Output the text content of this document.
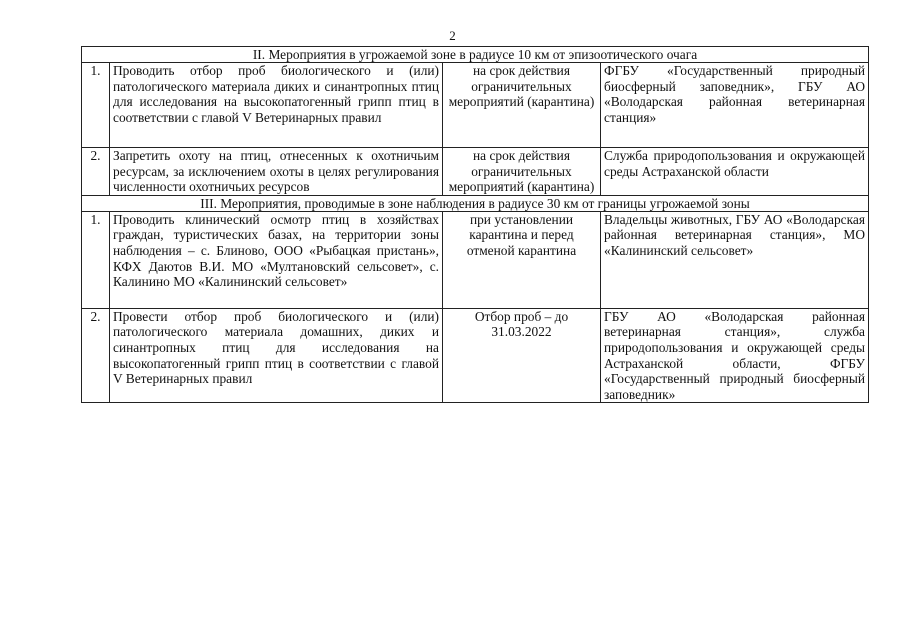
2
II. Мероприятия в угрожаемой зоне в радиусе 10 км от эпизоотического очага			
1.	Проводить отбор проб биологического и (или) патологического материала диких и синантропных птиц для исследования на высокопатогенный грипп птиц в соответствии с главой V Ветеринарных правил	на срок действия ограничительных мероприятий (карантина)	ФГБУ «Государственный природный биосферный заповедник», ГБУ АО «Володарская районная ветеринарная станция»
2.	Запретить охоту на птиц, отнесенных к охотничьим ресурсам, за исключением охоты в целях регулирования численности охотничьих ресурсов	на срок действия ограничительных мероприятий (карантина)	Служба природопользования и окружающей среды Астраханской области
III. Мероприятия, проводимые в зоне наблюдения в радиусе 30 км от границы угрожаемой зоны			
1.	Проводить клинический осмотр птиц в хозяйствах граждан, туристических базах, на территории зоны наблюдения – с. Блиново, ООО «Рыбацкая пристань», КФХ Даютов В.И. МО «Мултановский сельсовет», с. Калинино МО «Калининский сельсовет»	при установлении карантина и перед отменой карантина	Владельцы животных, ГБУ АО «Володарская районная ветеринарная станция», МО «Калининский сельсовет»
2.	Провести отбор проб биологического и (или) патологического материала домашних, диких и синантропных птиц для исследования на высокопатогенный грипп птиц в соответствии с главой V Ветеринарных правил	Отбор проб – до 31.03.2022	ГБУ АО «Володарская районная ветеринарная станция», служба природопользования и окружающей среды Астраханской области, ФГБУ «Государственный природный биосферный заповедник»
